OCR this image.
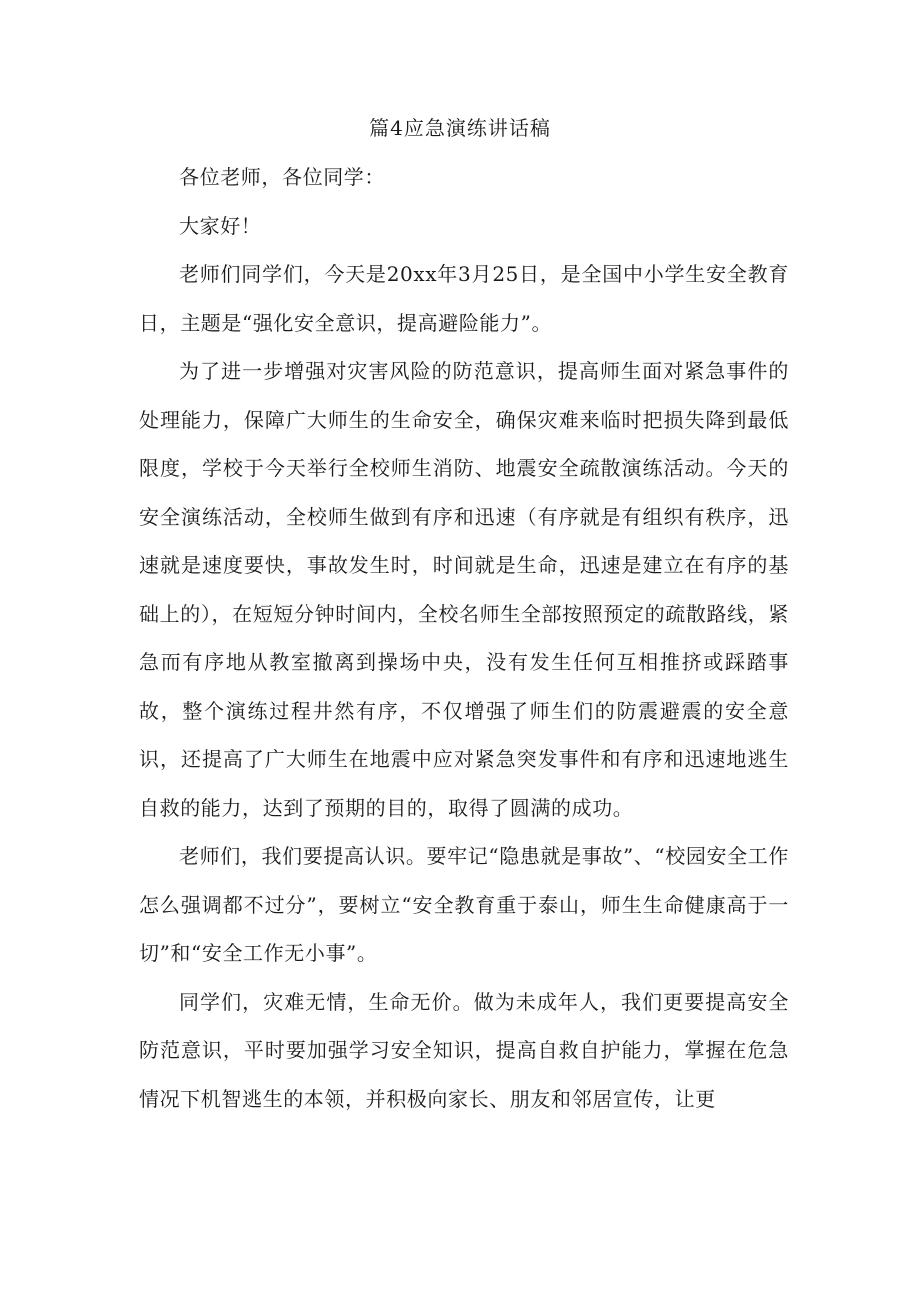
篇4应急演练讲话稿

各位老师，各位同学：

大家好！

老师们同学们，今天是20xx年3月25日，是全国中小学生安全教育日，主题是“强化安全意识，提高避险能力”。

为了进一步增强对灾害风险的防范意识，提高师生面对紧急事件的处理能力，保障广大师生的生命安全，确保灾难来临时把损失降到最低限度，学校于今天举行全校师生消防、地震安全疏散演练活动。今天的安全演练活动，全校师生做到有序和迅速（有序就是有组织有秩序，迅速就是速度要快，事故发生时，时间就是生命，迅速是建立在有序的基础上的），在短短分钟时间内，全校名师生全部按照预定的疏散路线，紧急而有序地从教室撤离到操场中央，没有发生任何互相推挤或踩踏事故，整个演练过程井然有序，不仅增强了师生们的防震避震的安全意识，还提高了广大师生在地震中应对紧急突发事件和有序和迅速地逃生自救的能力，达到了预期的目的，取得了圆满的成功。

老师们，我们要提高认识。要牢记“隐患就是事故”、“校园安全工作怎么强调都不过分”，要树立“安全教育重于泰山，师生生命健康高于一切”和“安全工作无小事”。

同学们，灾难无情，生命无价。做为未成年人，我们更要提高安全防范意识，平时要加强学习安全知识，提高自救自护能力，掌握在危急情况下机智逃生的本领，并积极向家长、朋友和邻居宣传，让更
